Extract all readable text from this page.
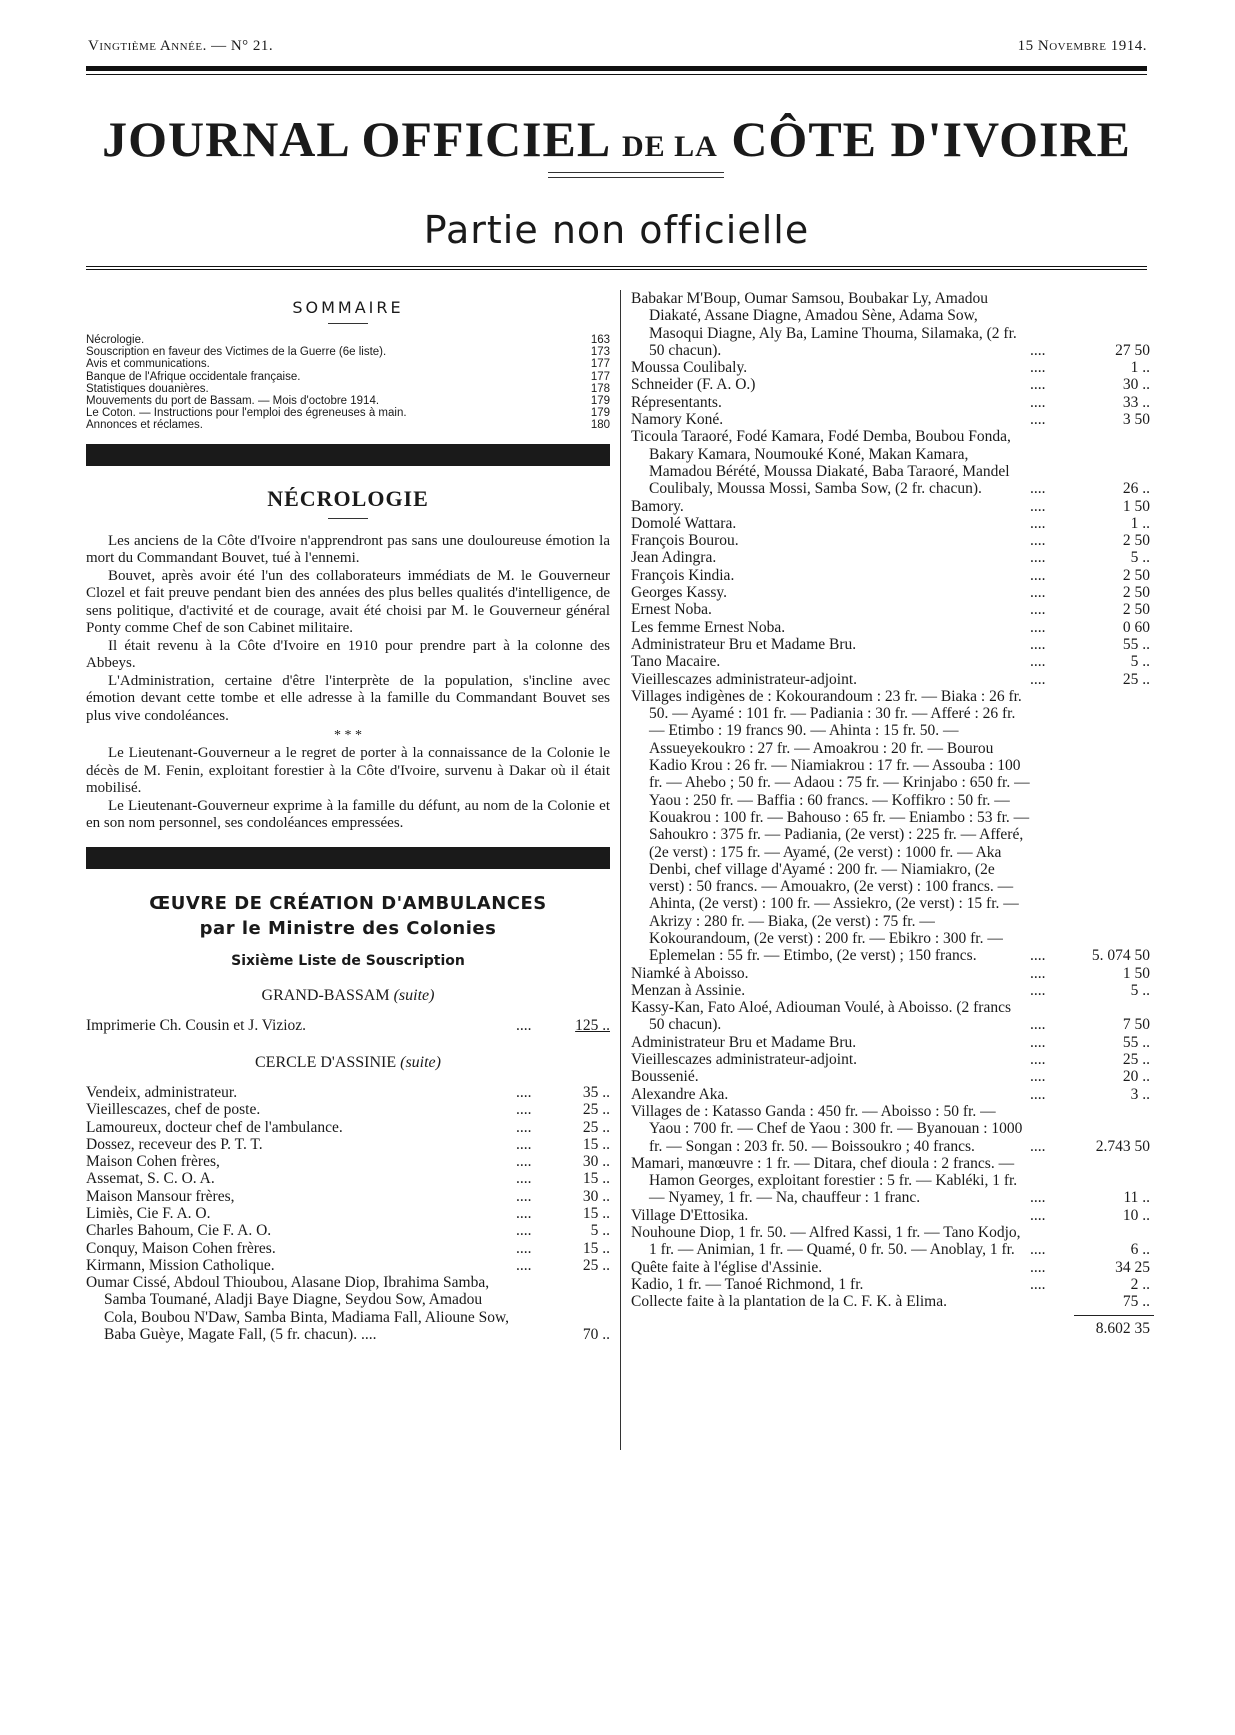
Vingtième Année. — N° 21.	15 Novembre 1914.
JOURNAL OFFICIEL DE LA CÔTE D'IVOIRE
Partie non officielle
SOMMAIRE
Nécrologie.	163
Souscription en faveur des Victimes de la Guerre (6e liste).	173
Avis et communications.	177
Banque de l'Afrique occidentale française.	177
Statistiques douanières.	178
Mouvements du port de Bassam. — Mois d'octobre 1914.	179
Le Coton. — Instructions pour l'emploi des égreneuses à main.	179
Annonces et réclames.	180
NÉCROLOGIE

Les anciens de la Côte d'Ivoire n'apprendront pas sans une douloureuse émotion la mort du Commandant Bouvet, tué à l'ennemi.

Bouvet, après avoir été l'un des collaborateurs immédiats de M. le Gouverneur Clozel et fait preuve pendant bien des années des plus belles qualités d'intelligence, de sens politique, d'activité et de courage, avait été choisi par M. le Gouverneur général Ponty comme Chef de son Cabinet militaire.

Il était revenu à la Côte d'Ivoire en 1910 pour prendre part à la colonne des Abbeys.

L'Administration, certaine d'être l'interprète de la population, s'incline avec émotion devant cette tombe et elle adresse à la famille du Commandant Bouvet ses plus vive condoléances.

* * *

Le Lieutenant-Gouverneur a le regret de porter à la connaissance de la Colonie le décès de M. Fenin, exploitant forestier à la Côte d'Ivoire, survenu à Dakar où il était mobilisé.

Le Lieutenant-Gouverneur exprime à la famille du défunt, au nom de la Colonie et en son nom personnel, ses condoléances empressées.

ŒUVRE DE CRÉATION D'AMBULANCES
par le Ministre des Colonies
Sixième Liste de Souscription
GRAND-BASSAM (suite)
Imprimerie Ch. Cousin et J. Vizioz.	....	125 ..
CERCLE D'ASSINIE (suite)
Vendeix, administrateur.	....	35 ..
Vieillescazes, chef de poste.	....	25 ..
Lamoureux, docteur chef de l'ambulance.	....	25 ..
Dossez, receveur des P. T. T.	....	15 ..
Maison Cohen frères,	....	30 ..
Assemat, S. C. O. A.	....	15 ..
Maison Mansour frères,	....	30 ..
Limiès, Cie F. A. O.	....	15 ..
Charles Bahoum, Cie F. A. O.	....	5 ..
Conquy, Maison Cohen frères.	....	15 ..
Kirmann, Mission Catholique.	....	25 ..
Oumar Cissé, Abdoul Thioubou, Alasane Diop, Ibrahima Samba, Samba Toumané, Aladji Baye Diagne, Seydou Sow, Amadou Cola, Boubou N'Daw, Samba Binta, Madiama Fall, Alioune Sow, Baba Guèye, Magate Fall, (5 fr. chacun). ....	70 ..
Babakar M'Boup, Oumar Samsou, Boubakar Ly, Amadou Diakaté, Assane Diagne, Amadou Sène, Adama Sow, Masoqui Diagne, Aly Ba, Lamine Thouma, Silamaka, (2 fr. 50 chacun).	....	27 50
Moussa Coulibaly.	....	1 ..
Schneider (F. A. O.)	....	30 ..
Répresentants.	....	33 ..
Namory Koné.	....	3 50
Ticoula Taraoré, Fodé Kamara, Fodé Demba, Boubou Fonda, Bakary Kamara, Noumouké Koné, Makan Kamara, Mamadou Bérété, Moussa Diakaté, Baba Taraoré, Mandel Coulibaly, Moussa Mossi, Samba Sow, (2 fr. chacun).	....	26 ..
Bamory.	....	1 50
Domolé Wattara.	....	1 ..
François Bourou.	....	2 50
Jean Adingra.	....	5 ..
François Kindia.	....	2 50
Georges Kassy.	....	2 50
Ernest Noba.	....	2 50
Les femme Ernest Noba.	....	0 60
Administrateur Bru et Madame Bru.	....	55 ..
Tano Macaire.	....	5 ..
Vieillescazes administrateur-adjoint.	....	25 ..
Villages indigènes de : Kokourandoum : 23 fr. — Biaka : 26 fr. 50. — Ayamé : 101 fr. — Padiania : 30 fr. — Afferé : 26 fr. — Etimbo : 19 francs 90. — Ahinta : 15 fr. 50. — Assueyekoukro : 27 fr. — Amoakrou : 20 fr. — Bourou Kadio Krou : 26 fr. — Niamiakrou : 17 fr. — Assouba : 100 fr. — Ahebo ; 50 fr. — Adaou : 75 fr. — Krinjabo : 650 fr. — Yaou : 250 fr. — Baffia : 60 francs. — Koffikro : 50 fr. — Kouakrou : 100 fr. — Bahouso : 65 fr. — Eniambo : 53 fr. — Sahoukro : 375 fr. — Padiania, (2e verst) : 225 fr. — Afferé, (2e verst) : 175 fr. — Ayamé, (2e verst) : 1000 fr. — Aka Denbi, chef village d'Ayamé : 200 fr. — Niamiakro, (2e verst) : 50 francs. — Amouakro, (2e verst) : 100 francs. — Ahinta, (2e verst) : 100 fr. — Assiekro, (2e verst) : 15 fr. — Akrizy : 280 fr. — Biaka, (2e verst) : 75 fr. — Kokourandoum, (2e verst) : 200 fr. — Ebikro : 300 fr. — Eplemelan : 55 fr. — Etimbo, (2e verst) ; 150 francs.	....	5. 074 50
Niamké à Aboisso.	....	1 50
Menzan à Assinie.	....	5 ..
Kassy-Kan, Fato Aloé, Adiouman Voulé, à Aboisso. (2 francs 50 chacun).	....	7 50
Administrateur Bru et Madame Bru.	....	55 ..
Vieillescazes administrateur-adjoint.	....	25 ..
Boussenié.	....	20 ..
Alexandre Aka.	....	3 ..
Villages de : Katasso Ganda : 450 fr. — Aboisso : 50 fr. — Yaou : 700 fr. — Chef de Yaou : 300 fr. — Byanouan : 1000 fr. — Songan : 203 fr. 50. — Boissoukro ; 40 francs.	....	2.743 50
Mamari, manœuvre : 1 fr. — Ditara, chef dioula : 2 francs. — Hamon Georges, exploitant forestier : 5 fr. — Kabléki, 1 fr. — Nyamey, 1 fr. — Na, chauffeur : 1 franc.	....	11 ..
Village D'Ettosika.	....	10 ..
Nouhoune Diop, 1 fr. 50. — Alfred Kassi, 1 fr. — Tano Kodjo, 1 fr. — Animian, 1 fr. — Quamé, 0 fr. 50. — Anoblay, 1 fr. ....	6 ..
Quête faite à l'église d'Assinie.	....	34 25
Kadio, 1 fr. — Tanoé Richmond, 1 fr.	....	2 ..
Collecte faite à la plantation de la C. F. K. à Elima.	75 ..
8.602 35
